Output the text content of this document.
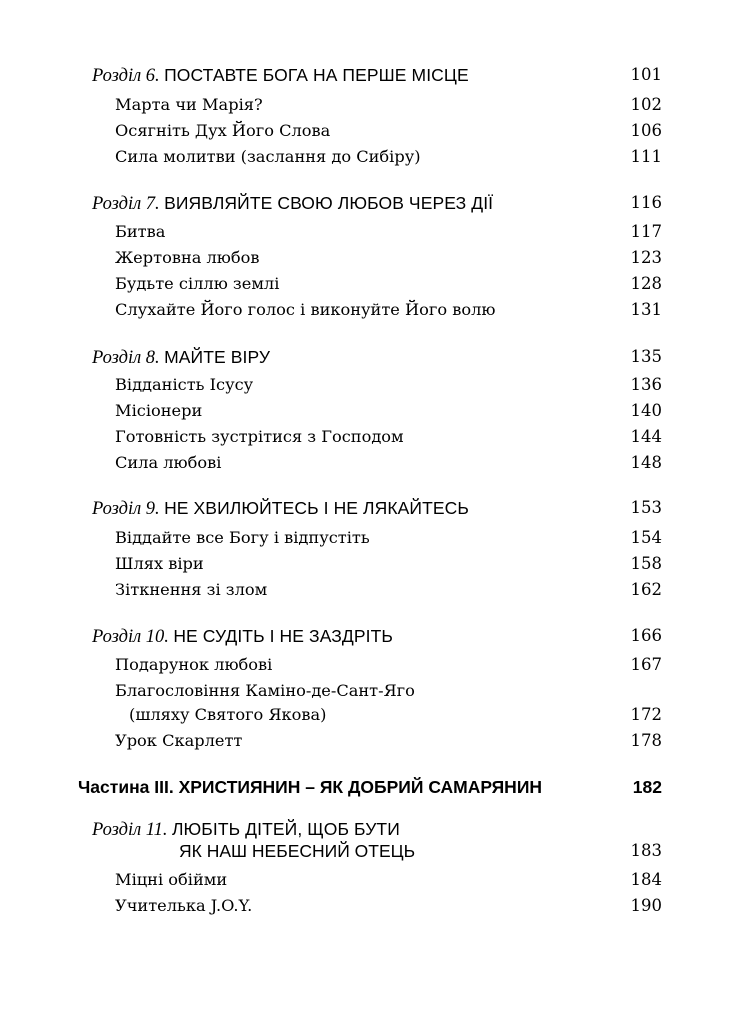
Розділ 6. ПОСТАВТЕ БОГА НА ПЕРШЕ МІСЦЕ	101
Марта чи Марія?	102
Осягніть Дух Його Слова	106
Сила молитви (заслання до Сибіру)	111
Розділ 7. ВИЯВЛЯЙТЕ СВОЮ ЛЮБОВ ЧЕРЕЗ ДІЇ	116
Битва	117
Жертовна любов	123
Будьте сіллю землі	128
Слухайте Його голос і виконуйте Його волю	131
Розділ 8. МАЙТЕ ВІРУ	135
Відданість Ісусу	136
Місіонери	140
Готовність зустрітися з Господом	144
Сила любові	148
Розділ 9. НЕ ХВИЛЮЙТЕСЬ І НЕ ЛЯКАЙТЕСЬ	153
Віддайте все Богу і відпустіть	154
Шлях віри	158
Зіткнення зі злом	162
Розділ 10. НЕ СУДІТЬ І НЕ ЗАЗДРІТЬ	166
Подарунок любові	167
Благословіння Каміно-де-Сант-Яго
(шляху Святого Якова)	172
Урок Скарлетт	178
Частина ІІІ. ХРИСТИЯНИН – ЯК ДОБРИЙ САМАРЯНИН	182
Розділ 11. ЛЮБІТЬ ДІТЕЙ, ЩОБ БУТИ
ЯК НАШ НЕБЕСНИЙ ОТЕЦЬ	183
Міцні обійми	184
Учителька J.O.Y.	190
